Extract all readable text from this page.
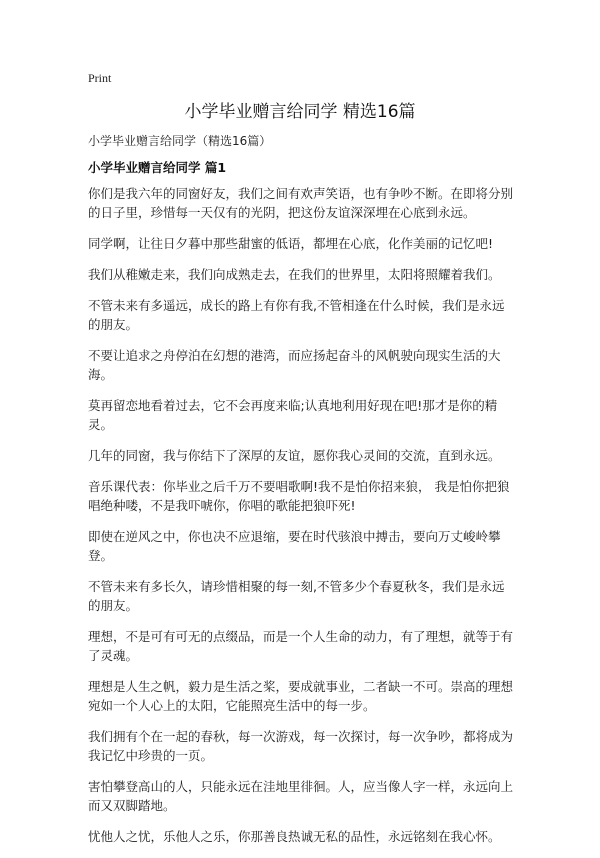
Print
小学毕业赠言给同学 精选16篇
小学毕业赠言给同学（精选16篇）
小学毕业赠言给同学 篇1

你们是我六年的同窗好友，我们之间有欢声笑语，也有争吵不断。在即将分别的日子里，珍惜每一天仅有的光阴，把这份友谊深深埋在心底到永远。

同学啊，让往日夕暮中那些甜蜜的低语，都埋在心底，化作美丽的记忆吧!

我们从稚嫩走来，我们向成熟走去，在我们的世界里，太阳将照耀着我们。

不管未来有多遥远，成长的路上有你有我,不管相逢在什么时候，我们是永远的朋友。

不要让追求之舟停泊在幻想的港湾，而应扬起奋斗的风帆驶向现实生活的大海。

莫再留恋地看着过去，它不会再度来临;认真地利用好现在吧!那才是你的精灵。

几年的同窗，我与你结下了深厚的友谊，愿你我心灵间的交流，直到永远。

音乐课代表：你毕业之后千万不要唱歌啊!我不是怕你招来狼， 我是怕你把狼唱绝种喽，不是我吓唬你，你唱的歌能把狼吓死!

即使在逆风之中，你也决不应退缩，要在时代骇浪中搏击，要向万丈峻岭攀登。

不管未来有多长久，请珍惜相聚的每一刻,不管多少个春夏秋冬，我们是永远的朋友。

理想，不是可有可无的点缀品，而是一个人生命的动力，有了理想，就等于有了灵魂。

理想是人生之帆，毅力是生活之桨，要成就事业，二者缺一不可。崇高的理想宛如一个人心上的太阳，它能照亮生活中的每一步。

我们拥有个在一起的春秋，每一次游戏，每一次探讨，每一次争吵，都将成为我记忆中珍贵的一页。

害怕攀登高山的人，只能永远在洼地里徘徊。人，应当像人字一样，永远向上而又双脚踏地。

忧他人之忧，乐他人之乐，你那善良热诚无私的品性，永远铭刻在我心怀。
